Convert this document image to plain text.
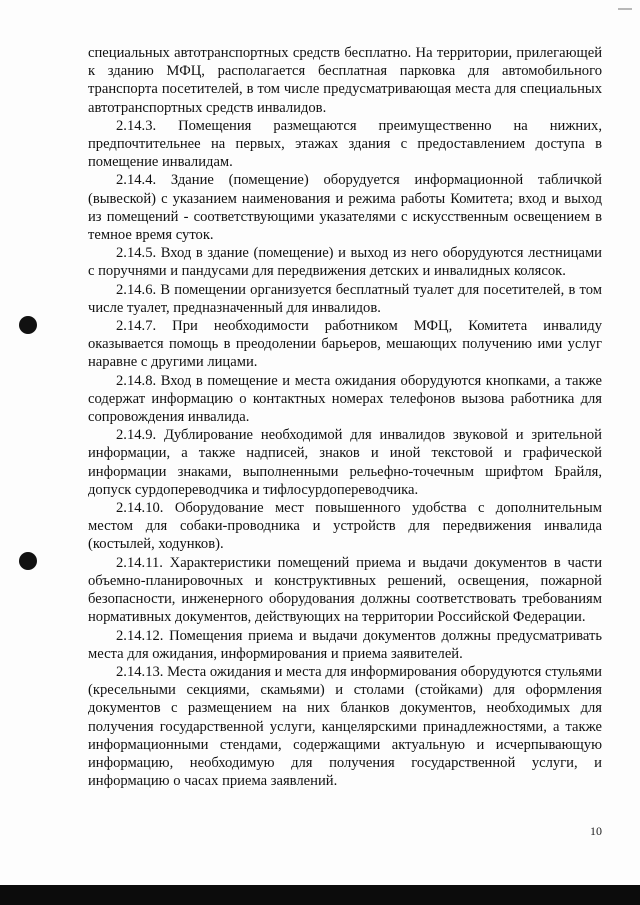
специальных автотранспортных средств бесплатно. На территории, прилегающей к зданию МФЦ, располагается бесплатная парковка для автомобильного транспорта посетителей, в том числе предусматривающая места для специальных автотранспортных средств инвалидов.

2.14.3. Помещения размещаются преимущественно на нижних, предпочтительнее на первых, этажах здания с предоставлением доступа в помещение инвалидам.

2.14.4. Здание (помещение) оборудуется информационной табличкой (вывеской) с указанием наименования и режима работы Комитета; вход и выход из помещений - соответствующими указателями с искусственным освещением в темное время суток.

2.14.5. Вход в здание (помещение) и выход из него оборудуются лестницами с поручнями и пандусами для передвижения детских и инвалидных колясок.

2.14.6. В помещении организуется бесплатный туалет для посетителей, в том числе туалет, предназначенный для инвалидов.

2.14.7. При необходимости работником МФЦ, Комитета инвалиду оказывается помощь в преодолении барьеров, мешающих получению ими услуг наравне с другими лицами.

2.14.8. Вход в помещение и места ожидания оборудуются кнопками, а также содержат информацию о контактных номерах телефонов вызова работника для сопровождения инвалида.

2.14.9. Дублирование необходимой для инвалидов звуковой и зрительной информации, а также надписей, знаков и иной текстовой и графической информации знаками, выполненными рельефно-точечным шрифтом Брайля, допуск сурдопереводчика и тифлосурдопереводчика.

2.14.10. Оборудование мест повышенного удобства с дополнительным местом для собаки-проводника и устройств для передвижения инвалида (костылей, ходунков).

2.14.11. Характеристики помещений приема и выдачи документов в части объемно-планировочных и конструктивных решений, освещения, пожарной безопасности, инженерного оборудования должны соответствовать требованиям нормативных документов, действующих на территории Российской Федерации.

2.14.12. Помещения приема и выдачи документов должны предусматривать места для ожидания, информирования и приема заявителей.

2.14.13. Места ожидания и места для информирования оборудуются стульями (кресельными секциями, скамьями) и столами (стойками) для оформления документов с размещением на них бланков документов, необходимых для получения государственной услуги, канцелярскими принадлежностями, а также информационными стендами, содержащими актуальную и исчерпывающую информацию, необходимую для получения государственной услуги, и информацию о часах приема заявлений.

10
